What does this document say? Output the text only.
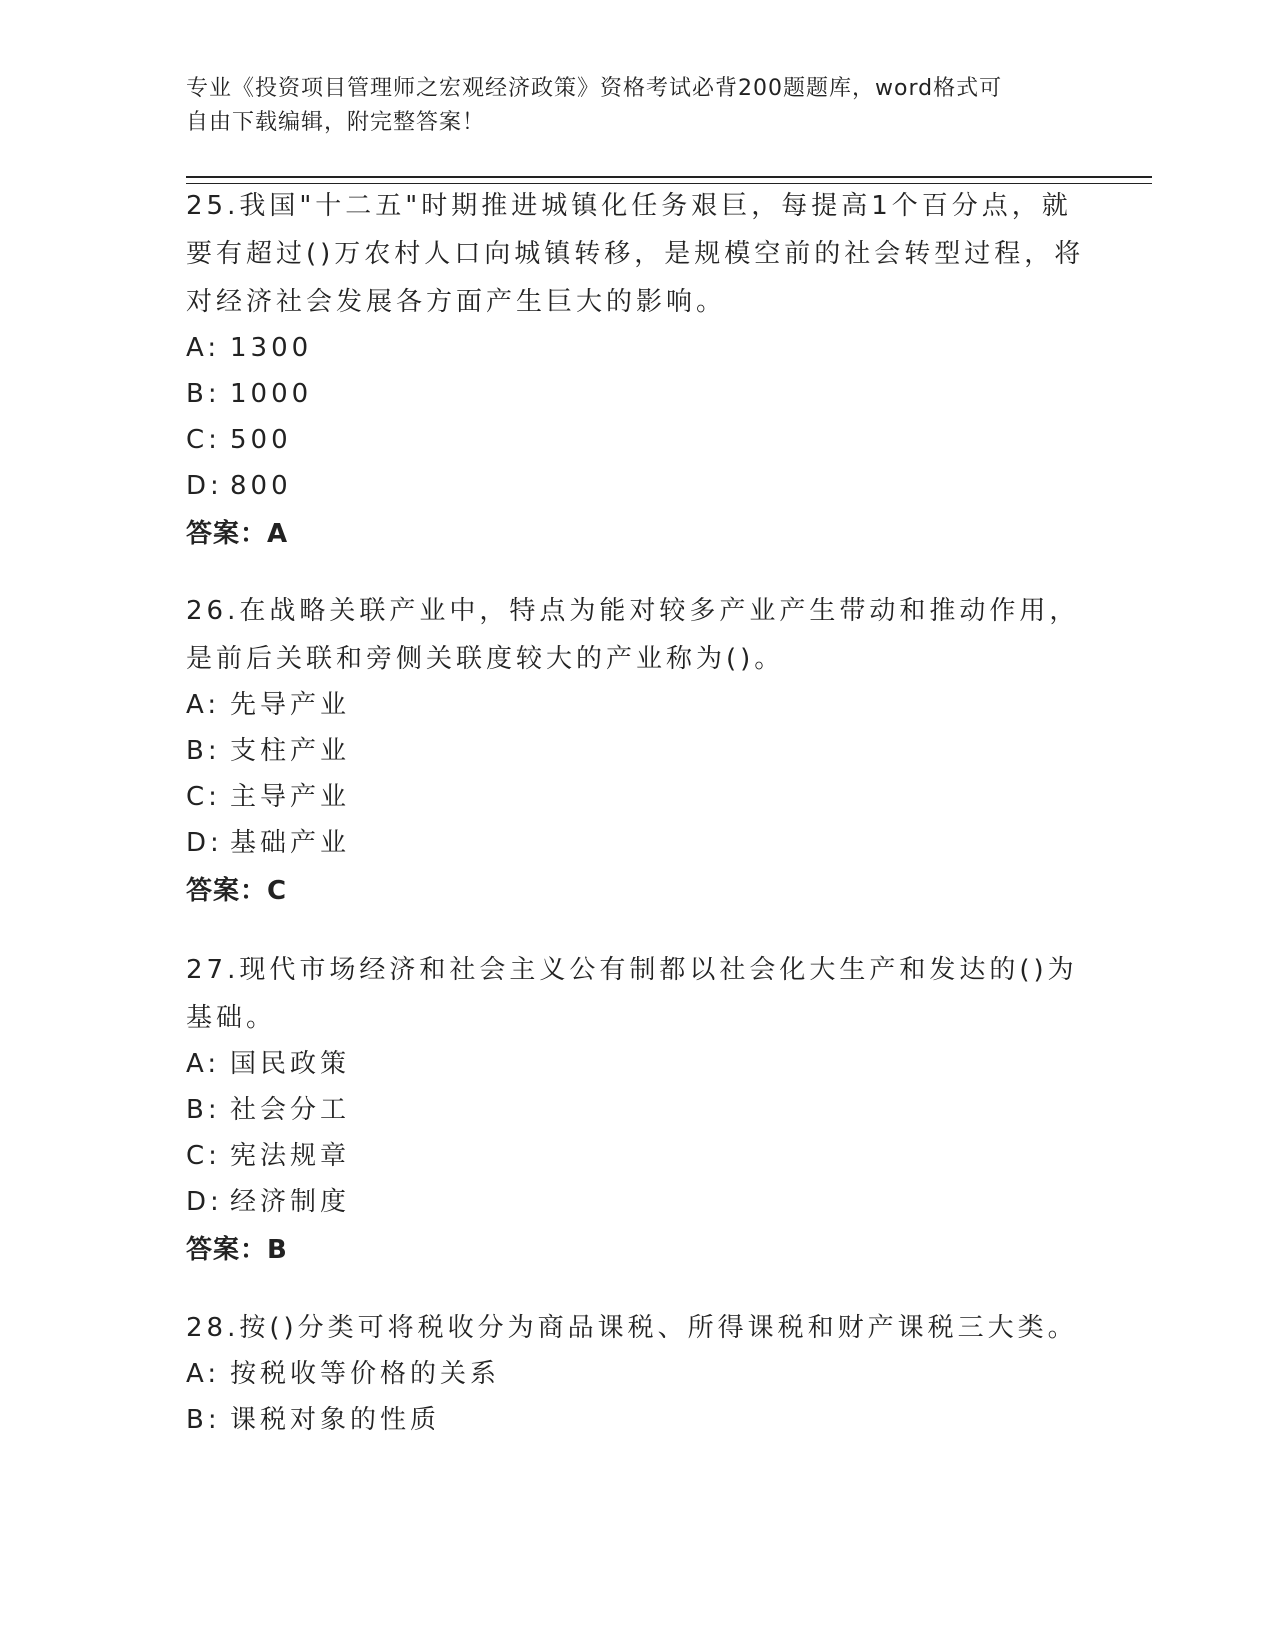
专业《投资项目管理师之宏观经济政策》资格考试必背200题题库，word格式可
自由下载编辑，附完整答案！

25.我国"十二五"时期推进城镇化任务艰巨，每提高1个百分点，就要有超过()万农村人口向城镇转移，是规模空前的社会转型过程，将对经济社会发展各方面产生巨大的影响。

A: 1300
B: 1000
C: 500
D: 800
答案：A

26.在战略关联产业中，特点为能对较多产业产生带动和推动作用，是前后关联和旁侧关联度较大的产业称为()。

A: 先导产业
B: 支柱产业
C: 主导产业
D: 基础产业
答案：C

27.现代市场经济和社会主义公有制都以社会化大生产和发达的()为基础。

A: 国民政策
B: 社会分工
C: 宪法规章
D: 经济制度
答案：B

28.按()分类可将税收分为商品课税、所得课税和财产课税三大类。

A: 按税收等价格的关系
B: 课税对象的性质
